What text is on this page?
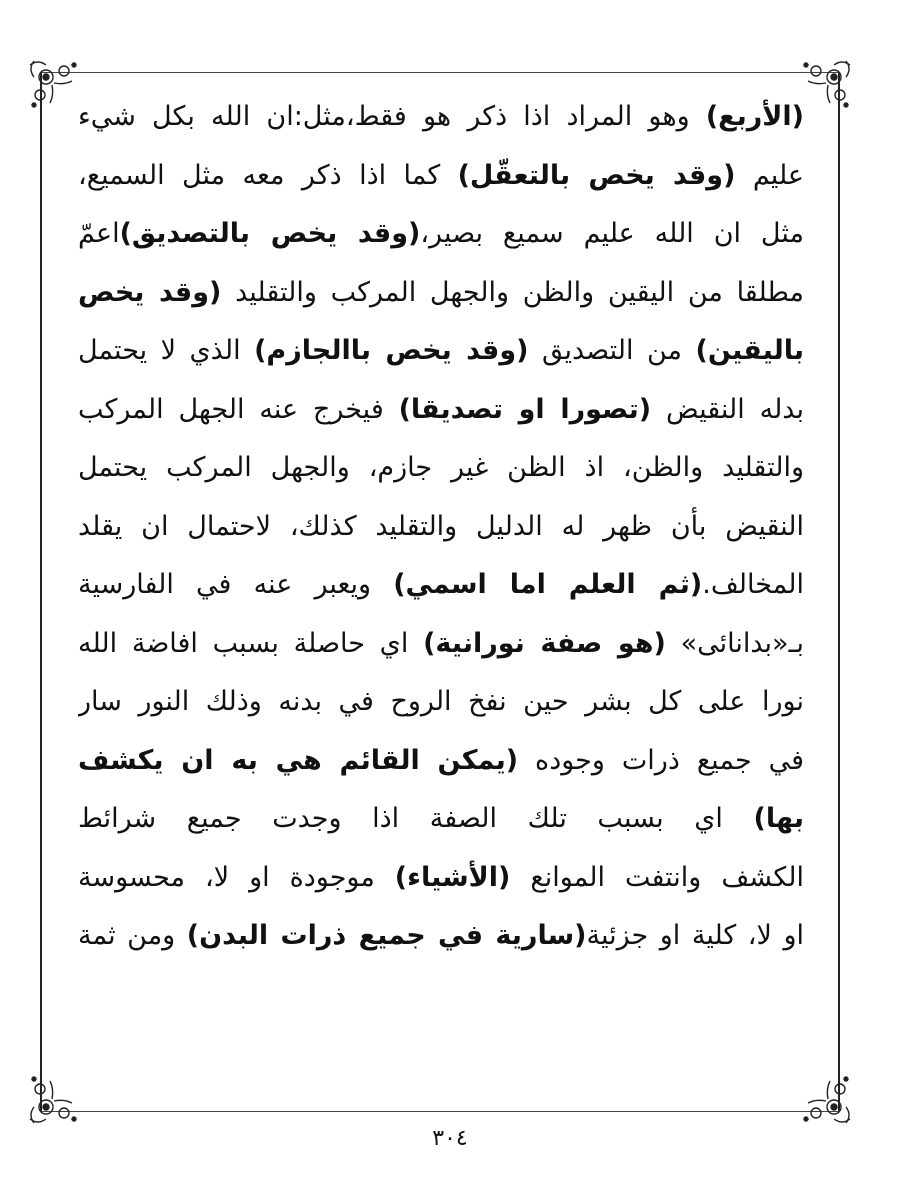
(الأربع) وهو المراد اذا ذكر هو فقط،مثل:ان الله بكل شيء
عليم (وقد يخص بالتعقّل) كما اذا ذكر معه مثل السميع،
مثل ان الله عليم سميع بصير،(وقد يخص بالتصديق)اعمّ
مطلقا من اليقين والظن والجهل المركب والتقليد (وقد يخص
باليقين) من التصديق (وقد يخص باالجازم) الذي لا يحتمل
بدله النقيض (تصورا او تصديقا) فيخرج عنه الجهل المركب
والتقليد والظن، اذ الظن غير جازم، والجهل المركب يحتمل
النقيض بأن ظهر له الدليل والتقليد كذلك، لاحتمال ان يقلد
المخالف.(ثم العلم اما اسمي) ويعبر عنه في الفارسية
بـ«بدانائى» (هو صفة نورانية) اي حاصلة بسبب افاضة الله
نورا على كل بشر حين نفخ الروح في بدنه وذلك النور سار
في جميع ذرات وجوده (يمكن القائم هي به ان يكشف
بها) اي بسبب تلك الصفة اذا وجدت جميع شرائط
الكشف وانتفت الموانع (الأشياء) موجودة او لا، محسوسة
او لا، كلية او جزئية(سارية في جميع ذرات البدن) ومن ثمة
٣٠٤
